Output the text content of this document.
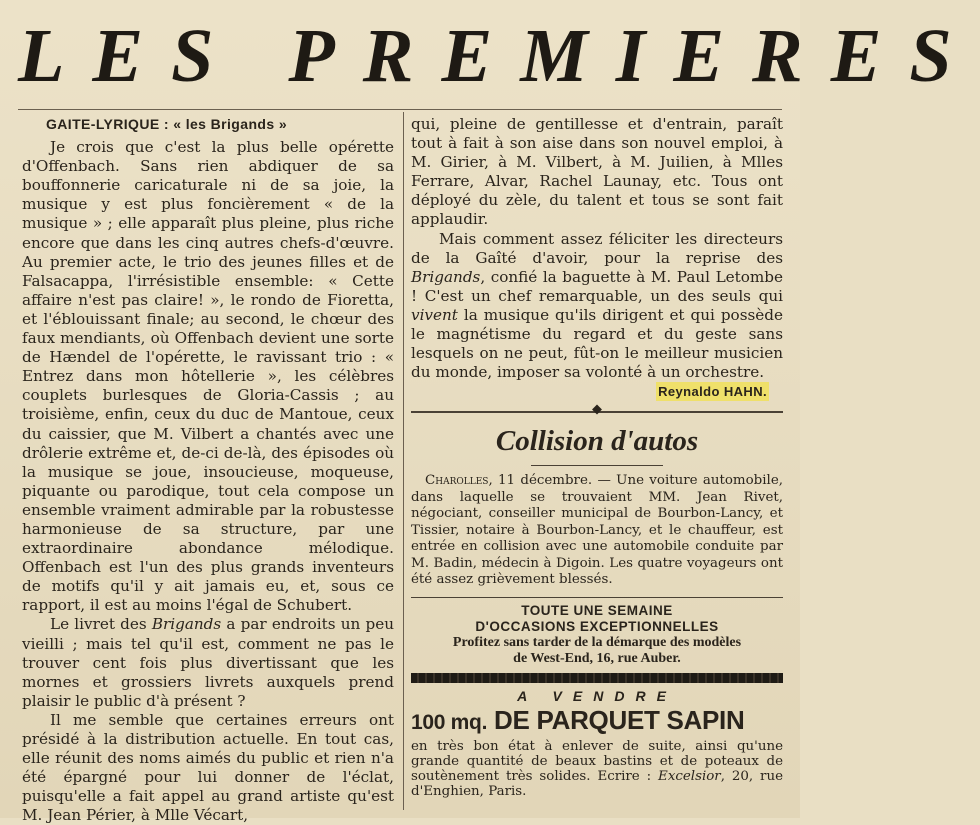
LES PREMIERES
GAITE-LYRIQUE : « les Brigands »

Je crois que c'est la plus belle opérette d'Offenbach. Sans rien abdiquer de sa bouffonnerie caricaturale ni de sa joie, la musique y est plus foncièrement « de la musique » ; elle apparaît plus pleine, plus riche encore que dans les cinq autres chefs-d'œuvre. Au premier acte, le trio des jeunes filles et de Falsacappa, l'irrésistible ensemble: « Cette affaire n'est pas claire! », le rondo de Fioretta, et l'éblouissant finale; au second, le chœur des faux mendiants, où Offenbach devient une sorte de Hændel de l'opérette, le ravissant trio : « Entrez dans mon hôtellerie », les célèbres couplets burlesques de Gloria-Cassis ; au troisième, enfin, ceux du duc de Mantoue, ceux du caissier, que M. Vilbert a chantés avec une drôlerie extrême et, de-ci de-là, des épisodes où la musique se joue, insoucieuse, moqueuse, piquante ou parodique, tout cela compose un ensemble vraiment admirable par la robustesse harmonieuse de sa structure, par une extraordinaire abondance mélodique. Offenbach est l'un des plus grands inventeurs de motifs qu'il y ait jamais eu, et, sous ce rapport, il est au moins l'égal de Schubert.

Le livret des Brigands a par endroits un peu vieilli ; mais tel qu'il est, comment ne pas le trouver cent fois plus divertissant que les mornes et grossiers livrets auxquels prend plaisir le public d'à présent ?

Il me semble que certaines erreurs ont présidé à la distribution actuelle. En tout cas, elle réunit des noms aimés du public et rien n'a été épargné pour lui donner de l'éclat, puisqu'elle a fait appel au grand artiste qu'est M. Jean Périer, à Mlle Vécart,

qui, pleine de gentillesse et d'entrain, paraît tout à fait à son aise dans son nouvel emploi, à M. Girier, à M. Vilbert, à M. Juilien, à Mlles Ferrare, Alvar, Rachel Launay, etc. Tous ont déployé du zèle, du talent et tous se sont fait applaudir.

Mais comment assez féliciter les directeurs de la Gaîté d'avoir, pour la reprise des Brigands, confié la baguette à M. Paul Letombe ! C'est un chef remarquable, un des seuls qui vivent la musique qu'ils dirigent et qui possède le magnétisme du regard et du geste sans lesquels on ne peut, fût-on le meilleur musicien du monde, imposer sa volonté à un orchestre.

Reynaldo HAHN.

Collision d'autos

Charolles, 11 décembre. — Une voiture automobile, dans laquelle se trouvaient MM. Jean Rivet, négociant, conseiller municipal de Bourbon-Lancy, et Tissier, notaire à Bourbon-Lancy, et le chauffeur, est entrée en collision avec une automobile conduite par M. Badin, médecin à Digoin. Les quatre voyageurs ont été assez grièvement blessés.

TOUTE UNE SEMAINE
D'OCCASIONS EXCEPTIONNELLES
Profitez sans tarder de la démarque des modèles
de West-End, 16, rue Auber.
A VENDRE
100 mq. DE PARQUET SAPIN

en très bon état à enlever de suite, ainsi qu'une grande quantité de beaux bastins et de poteaux de soutènement très solides. Ecrire : Excelsior, 20, rue d'Enghien, Paris.
